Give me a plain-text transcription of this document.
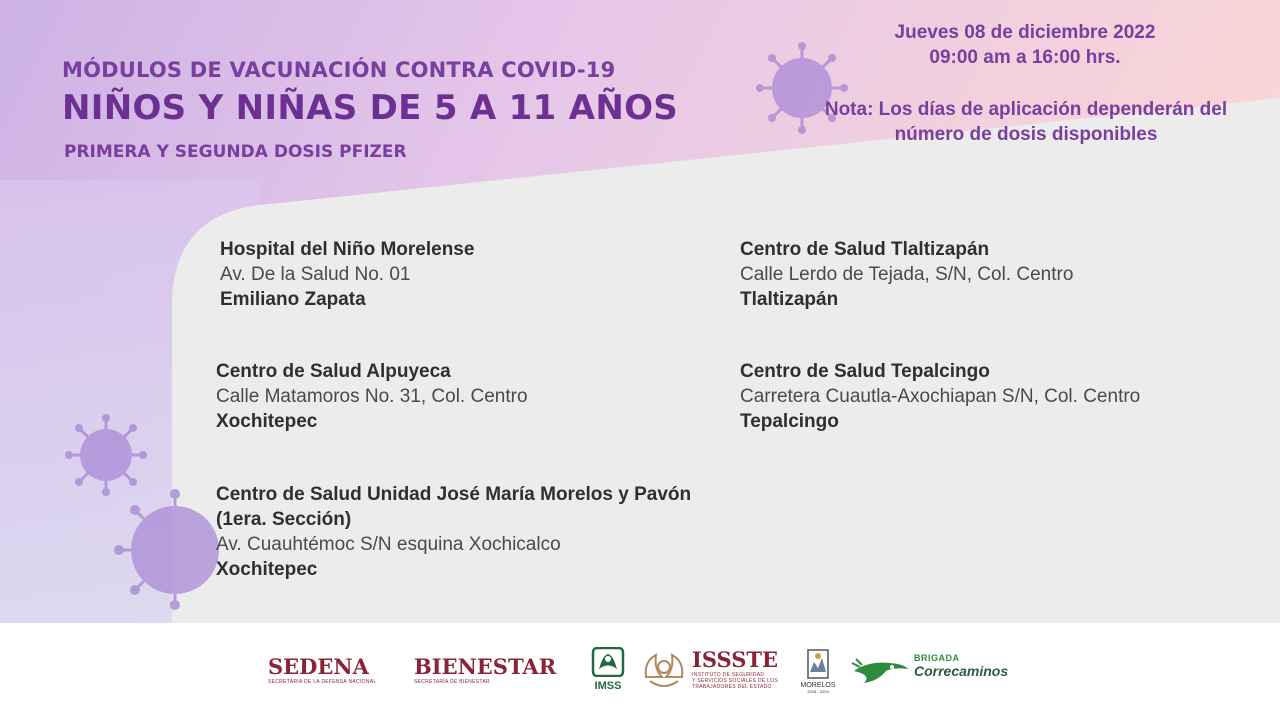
MÓDULOS DE VACUNACIÓN CONTRA COVID-19
NIÑOS Y NIÑAS DE 5 A 11 AÑOS
PRIMERA Y SEGUNDA DOSIS PFIZER
Jueves 08 de diciembre 2022
09:00 am a 16:00 hrs.
Nota: Los días de aplicación dependerán del
número de dosis disponibles
Hospital del Niño Morelense
Av. De la Salud No. 01
Emiliano Zapata
Centro de Salud Tlaltizapán
Calle Lerdo de Tejada, S/N, Col. Centro
Tlaltizapán
Centro de Salud Alpuyeca
Calle Matamoros No. 31, Col. Centro
Xochitepec
Centro de Salud Tepalcingo
Carretera Cuautla-Axochiapan S/N, Col. Centro
Tepalcingo
Centro de Salud Unidad José María Morelos y Pavón
(1era. Sección)
Av. Cuauhtémoc S/N esquina Xochicalco
Xochitepec
SEDENA
SECRETARÍA DE LA DEFENSA NACIONAL
BIENESTAR
SECRETARÍA DE BIENESTAR	IMSS
ISSSTE
INSTITUTO DE SEGURIDAD
Y SERVICIOS SOCIALES DE LOS
TRABAJADORES DEL ESTADO	MORELOS
2018 - 2024
BRIGADA
Correcaminos
